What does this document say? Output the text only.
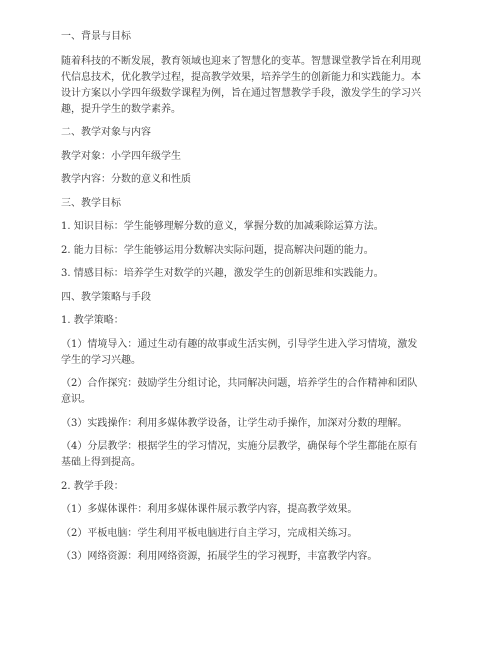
一、背景与目标

随着科技的不断发展，教育领域也迎来了智慧化的变革。智慧课堂教学旨在利用现

代信息技术，优化教学过程，提高教学效果，培养学生的创新能力和实践能力。本

设计方案以小学四年级数学课程为例，旨在通过智慧教学手段，激发学生的学习兴

趣，提升学生的数学素养。

二、教学对象与内容

教学对象：小学四年级学生

教学内容：分数的意义和性质

三、教学目标

1. 知识目标：学生能够理解分数的意义，掌握分数的加减乘除运算方法。

2. 能力目标：学生能够运用分数解决实际问题，提高解决问题的能力。

3. 情感目标：培养学生对数学的兴趣，激发学生的创新思维和实践能力。

四、教学策略与手段

1. 教学策略：

（1）情境导入：通过生动有趣的故事或生活实例，引导学生进入学习情境，激发

学生的学习兴趣。

（2）合作探究：鼓励学生分组讨论，共同解决问题，培养学生的合作精神和团队

意识。

（3）实践操作：利用多媒体教学设备，让学生动手操作，加深对分数的理解。

（4）分层教学：根据学生的学习情况，实施分层教学，确保每个学生都能在原有

基础上得到提高。

2. 教学手段：

（1）多媒体课件：利用多媒体课件展示教学内容，提高教学效果。

（2）平板电脑：学生利用平板电脑进行自主学习，完成相关练习。

（3）网络资源：利用网络资源，拓展学生的学习视野，丰富教学内容。
